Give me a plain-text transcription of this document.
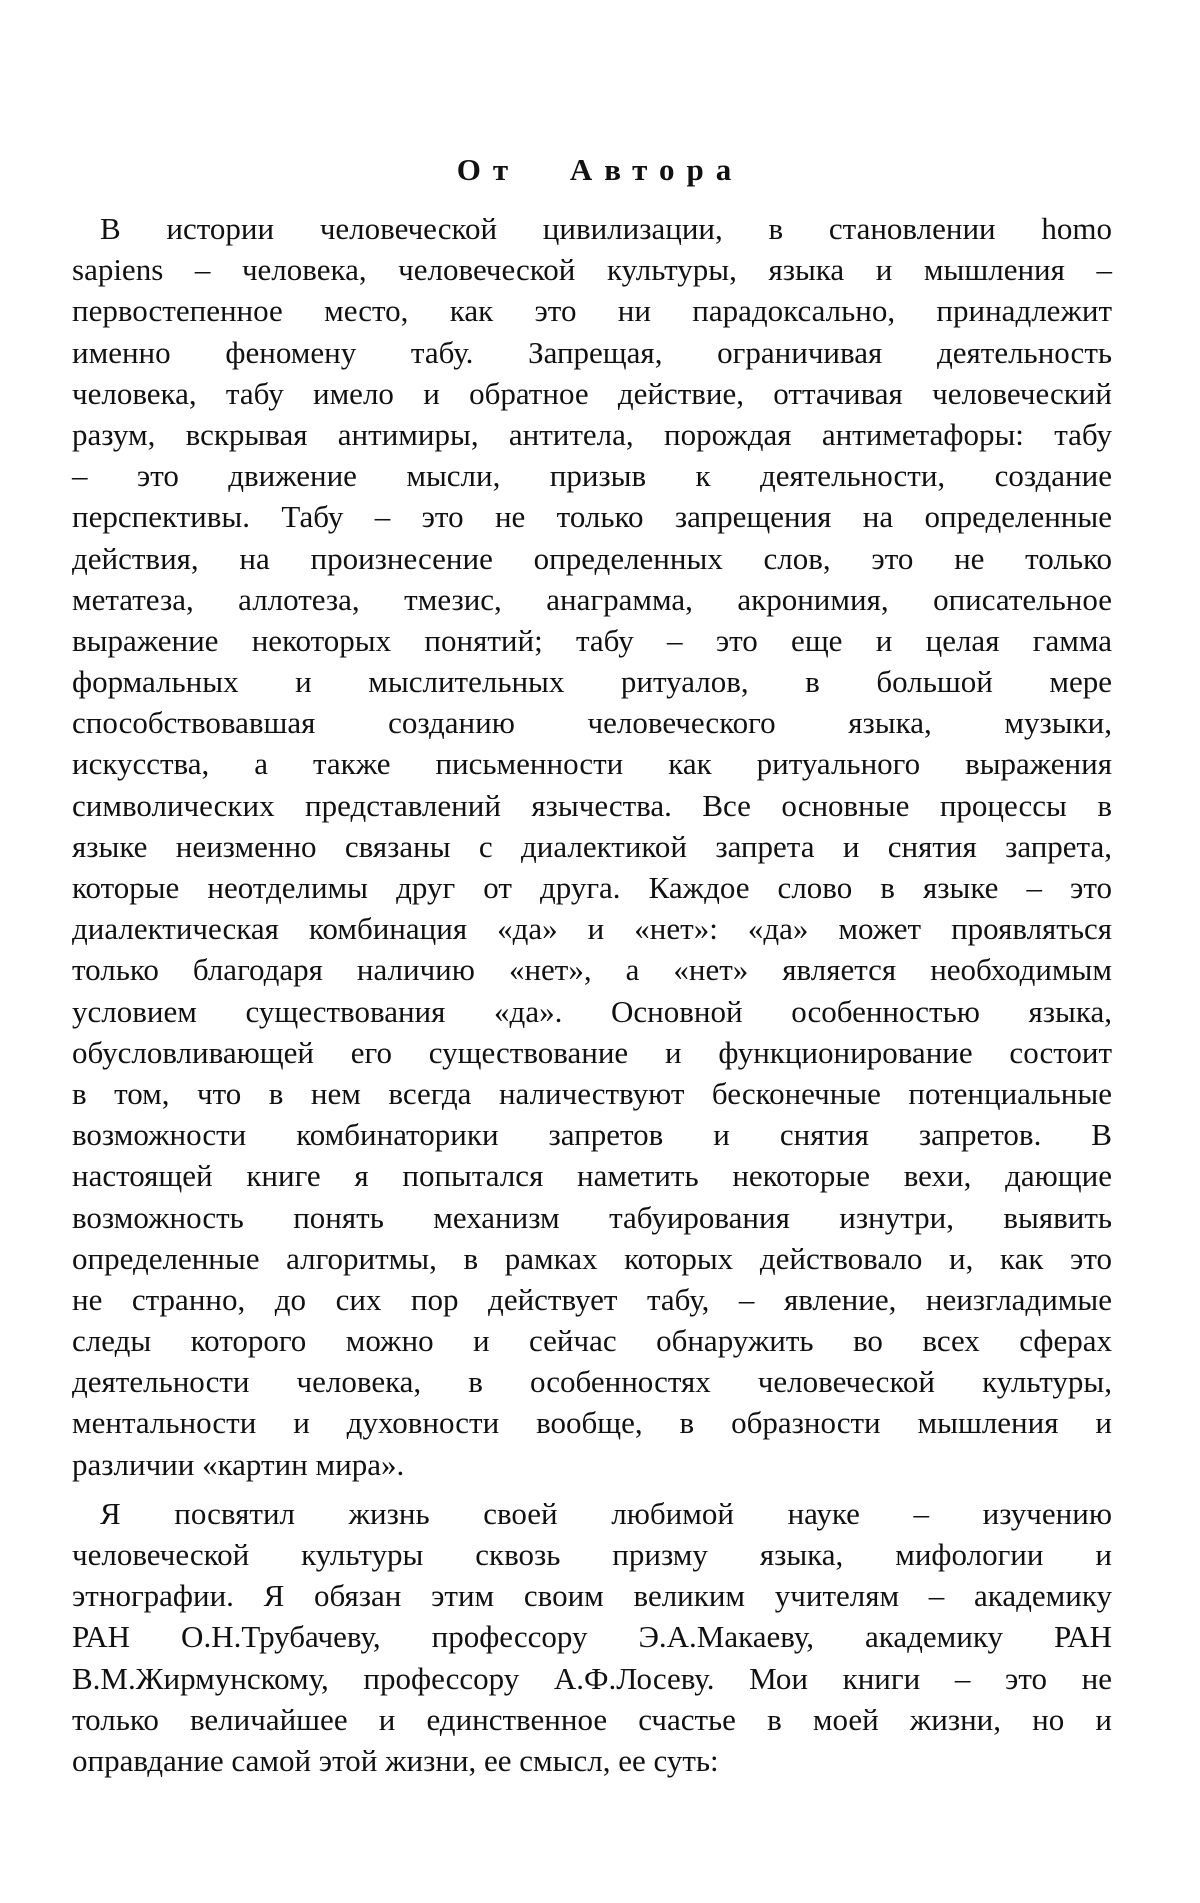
От Автора
В истории человеческой цивилизации, в становлении homo
sapiens – человека, человеческой культуры, языка и мышления –
первостепенное место, как это ни парадоксально, принадлежит
именно феномену табу. Запрещая, ограничивая деятельность
человека, табу имело и обратное действие, оттачивая человеческий
разум, вскрывая антимиры, антитела, порождая антиметафоры: табу
– это движение мысли, призыв к деятельности, создание
перспективы. Табу – это не только запрещения на определенные
действия, на произнесение определенных слов, это не только
метатеза, аллотеза, тмезис, анаграмма, акронимия, описательное
выражение некоторых понятий; табу – это еще и целая гамма
формальных и мыслительных ритуалов, в большой мере
способствовавшая созданию человеческого языка, музыки,
искусства, а также письменности как ритуального выражения
символических представлений язычества. Все основные процессы в
языке неизменно связаны с диалектикой запрета и снятия запрета,
которые неотделимы друг от друга. Каждое слово в языке – это
диалектическая комбинация «да» и «нет»: «да» может проявляться
только благодаря наличию «нет», а «нет» является необходимым
условием существования «да». Основной особенностью языка,
обусловливающей его существование и функционирование состоит
в том, что в нем всегда наличествуют бесконечные потенциальные
возможности комбинаторики запретов и снятия запретов. В
настоящей книге я попытался наметить некоторые вехи, дающие
возможность понять механизм табуирования изнутри, выявить
определенные алгоритмы, в рамках которых действовало и, как это
не странно, до сих пор действует табу, – явление, неизгладимые
следы которого можно и сейчас обнаружить во всех сферах
деятельности человека, в особенностях человеческой культуры,
ментальности и духовности вообще, в образности мышления и
различии «картин мира».
Я посвятил жизнь своей любимой науке – изучению
человеческой культуры сквозь призму языка, мифологии и
этнографии. Я обязан этим своим великим учителям – академику
РАН О.Н.Трубачеву, профессору Э.А.Макаеву, академику РАН
В.М.Жирмунскому, профессору А.Ф.Лосеву. Мои книги – это не
только величайшее и единственное счастье в моей жизни, но и
оправдание самой этой жизни, ее смысл, ее суть:
